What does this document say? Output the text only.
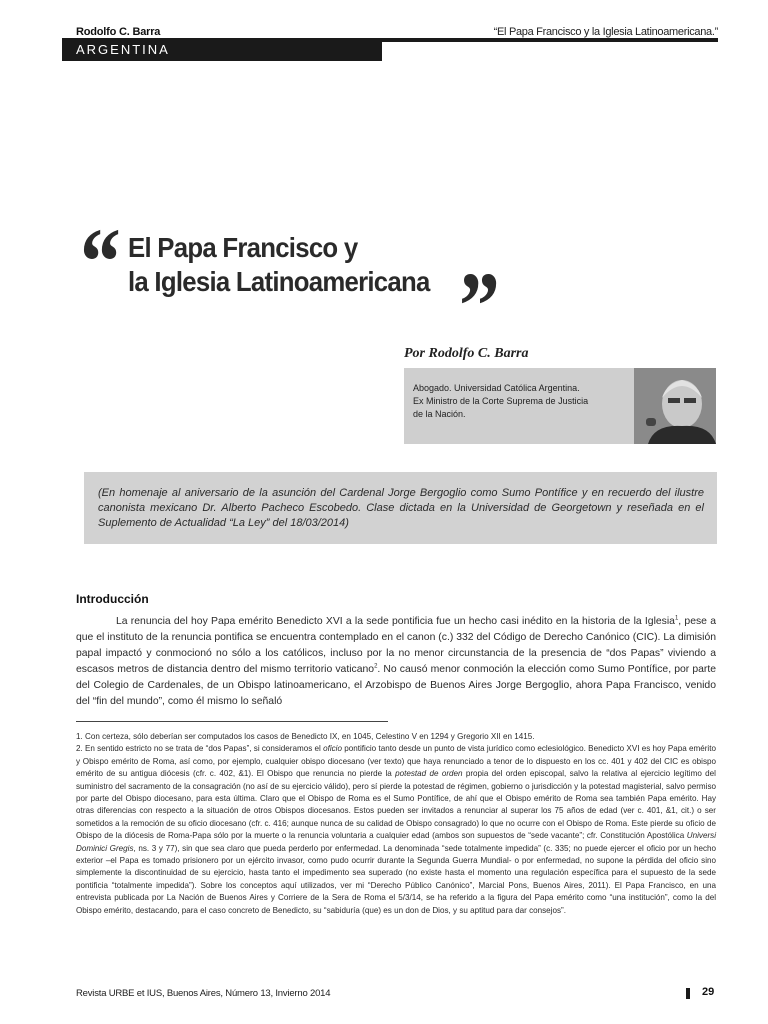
Rodolfo C. Barra	“El Papa Francisco y la Iglesia Latinoamericana.”
ARGENTINA
“ El Papa Francisco y
la Iglesia Latinoamericana ”
Por Rodolfo C. Barra
Abogado. Universidad Católica Argentina.
Ex Ministro de la Corte Suprema de Justicia
de la Nación.
(En homenaje al aniversario de la asunción del Cardenal Jorge Bergoglio como Sumo Pontífice y en recuerdo del ilustre canonista mexicano Dr. Alberto Pacheco Escobedo. Clase dictada en la Universidad de Georgetown y reseñada en el Suplemento de Actualidad “La Ley” del 18/03/2014)
Introducción

La renuncia del hoy Papa emérito Benedicto XVI a la sede pontificia fue un hecho casi inédito en la historia de la Iglesia$^1$, pese a que el instituto de la renuncia pontifica se encuentra contemplado en el canon (c.) 332 del Código de Derecho Canónico (CIC). La dimisión papal impactó y conmocionó no sólo a los católicos, incluso por la no menor circunstancia de la presencia de “dos Papas” viviendo a escasos metros de distancia dentro del mismo territorio vaticano$^2$. No causó menor conmoción la elección como Sumo Pontífice, por parte del Colegio de Cardenales, de un Obispo latinoamericano, el Arzobispo de Buenos Aires Jorge Bergoglio, ahora Papa Francisco, venido del “fin del mundo”, como él mismo lo señaló

1. Con certeza, sólo deberían ser computados los casos de Benedicto IX, en 1045, Celestino V en 1294 y Gregorio XII en 1415.

2. En sentido estricto no se trata de “dos Papas”, si consideramos el oficio pontificio tanto desde un punto de vista jurídico como eclesiológico. Benedicto XVI es hoy Papa emérito y Obispo emérito de Roma, así como, por ejemplo, cualquier obispo diocesano (ver texto) que haya renunciado a tenor de lo dispuesto en los cc. 401 y 402 del CIC es obispo emérito de su antigua diócesis (cfr. c. 402, &1). El Obispo que renuncia no pierde la potestad de orden propia del orden episcopal, salvo la relativa al ejercicio legítimo del suministro del sacramento de la consagración (no así de su ejercicio válido), pero sí pierde la potestad de régimen, gobierno o jurisdicción y la potestad magisterial, salvo permiso por parte del Obispo diocesano, para esta última. Claro que el Obispo de Roma es el Sumo Pontífice, de ahí que el Obispo emérito de Roma sea también Papa emérito. Hay otras diferencias con respecto a la situación de otros Obispos diocesanos. Estos pueden ser invitados a renunciar al superar los 75 años de edad (ver c. 401, &1, cit.) o ser sometidos a la remoción de su oficio diocesano (cfr. c. 416; aunque nunca de su calidad de Obispo consagrado) lo que no ocurre con el Obispo de Roma. Este pierde su oficio de Obispo de la diócesis de Roma-Papa sólo por la muerte o la renuncia voluntaria a cualquier edad (ambos son supuestos de “sede vacante”; cfr. Constitución Apostólica Universi Dominici Gregis, ns. 3 y 77), sin que sea claro que pueda perderlo por enfermedad. La denominada “sede totalmente impedida” (c. 335; no puede ejercer el oficio por un hecho exterior –el Papa es tomado prisionero por un ejército invasor, como pudo ocurrir durante la Segunda Guerra Mundial- o por enfermedad, no supone la pérdida del oficio sino simplemente la discontinuidad de su ejercicio, hasta tanto el impedimento sea superado (no existe hasta el momento una regulación específica para el supuesto de la sede pontificia “totalmente impedida”). Sobre los conceptos aquí utilizados, ver mi “Derecho Público Canónico”, Marcial Pons, Buenos Aires, 2011). El Papa Francisco, en una entrevista publicada por La Nación de Buenos Aires y Corriere de la Sera de Roma el 5/3/14, se ha referido a la figura del Papa emérito como “una institución”, como la del Obispo emérito, destacando, para el caso concreto de Benedicto, su “sabiduría (que) es un don de Dios, y su aptitud para dar consejos”.

Revista URBE et IUS, Buenos Aires, Número 13, Invierno 2014	29
